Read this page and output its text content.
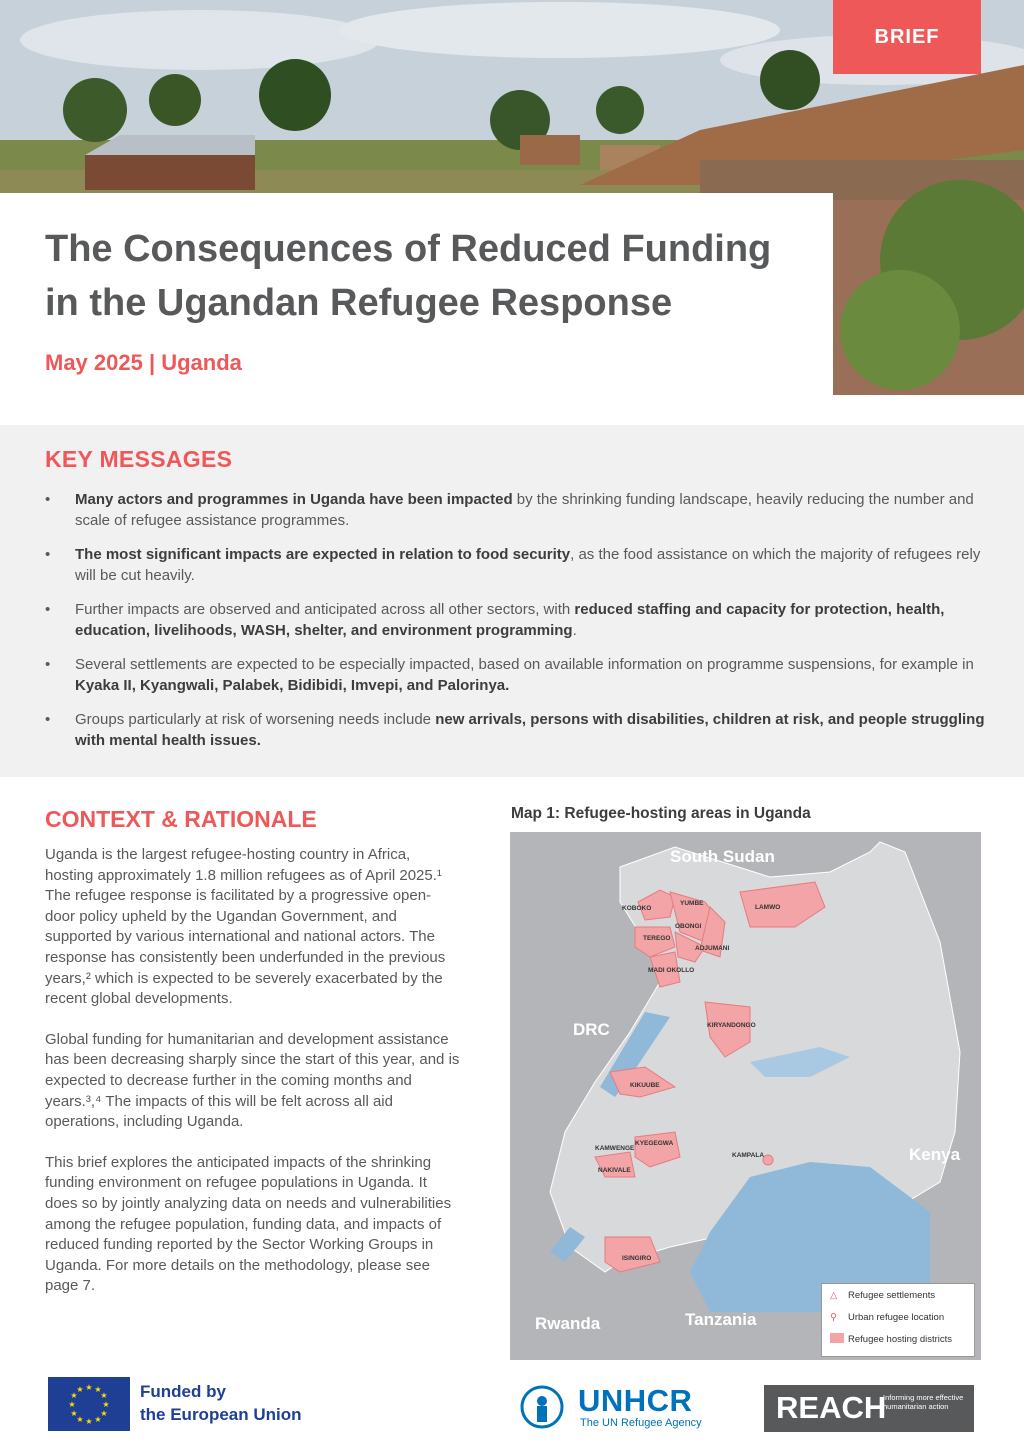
BRIEF
The Consequences of Reduced Funding in the Ugandan Refugee Response
May 2025 | Uganda
KEY MESSAGES
• Many actors and programmes in Uganda have been impacted by the shrinking funding landscape, heavily reducing the number and scale of refugee assistance programmes.
• The most significant impacts are expected in relation to food security, as the food assistance on which the majority of refugees rely will be cut heavily.
• Further impacts are observed and anticipated across all other sectors, with reduced staffing and capacity for protection, health, education, livelihoods, WASH, shelter, and environment programming.
• Several settlements are expected to be especially impacted, based on available information on programme suspensions, for example in Kyaka II, Kyangwali, Palabek, Bidibidi, Imvepi, and Palorinya.
• Groups particularly at risk of worsening needs include new arrivals, persons with disabilities, children at risk, and people struggling with mental health issues.
CONTEXT & RATIONALE

Uganda is the largest refugee-hosting country in Africa, hosting approximately 1.8 million refugees as of April 2025.¹ The refugee response is facilitated by a progressive open-door policy upheld by the Ugandan Government, and supported by various international and national actors. The response has consistently been underfunded in the previous years,² which is expected to be severely exacerbated by the recent global developments.

Global funding for humanitarian and development assistance has been decreasing sharply since the start of this year, and is expected to decrease further in the coming months and years.³,⁴ The impacts of this will be felt across all aid operations, including Uganda.

This brief explores the anticipated impacts of the shrinking funding environment on refugee populations in Uganda. It does so by jointly analyzing data on needs and vulnerabilities among the refugee population, funding data, and impacts of reduced funding reported by the Sector Working Groups in Uganda. For more details on the methodology, please see page 7.

Map 1: Refugee-hosting areas in Uganda
South Sudan
DRC
Kenya
Rwanda	Tanzania
KOBOKO
YUMBE
ADJUMANI
LAMWO
MADI OKOLLO
OBONGI
TEREGO
NAKIVALE
KIRYANDONGO
KIKUUBE
KYEGEGWA
KAMWENGE
KAMPALA
ISINGIRO
△	Refugee settlements
⚲	Urban refugee location
Refugee hosting districts
★ ★
★
★
★
★
★
★
★
★
★
★	Funded by
the European Union	UNHCR
The UN Refugee Agency REACH
Informing more effective humanitarian action
